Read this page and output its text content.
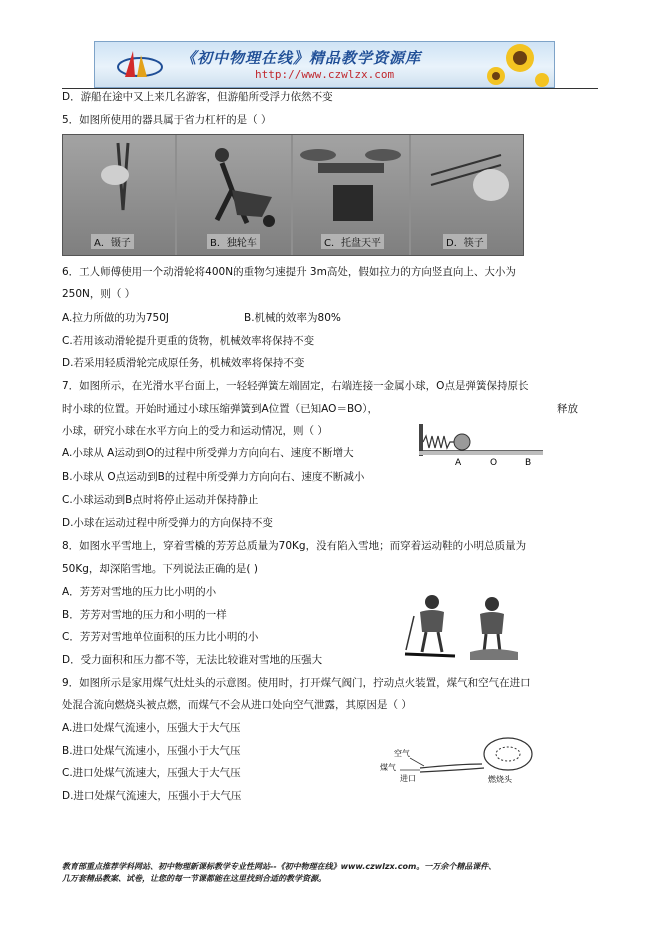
《初中物理在线》精品教学资源库
http://www.czwlzx.com
D．游船在途中又上来几名游客，但游船所受浮力依然不变
5．如图所使用的器具属于省力杠杆的是（ ）
A．镊子	B．独轮车	C．托盘天平	D．筷子
6．工人师傅使用一个动滑轮将400N的重物匀速提升 3m高处，假如拉力的方向竖直向上、大小为
250N，则（ ）
A.拉力所做的功为750J	B.机械的效率为80%
C.若用该动滑轮提升更重的货物，机械效率将保持不变
D.若采用轻质滑轮完成原任务，机械效率将保持不变
7．如图所示，在光滑水平台面上，一轻轻弹簧左端固定，右端连接一金属小球，O点是弹簧保持原长
时小球的位置。开始时通过小球压缩弹簧到A位置（已知AO＝BO），	释放
小球，研究小球在水平方向上的受力和运动情况，则（ ）
A	O	B
A.小球从 A运动到O的过程中所受弹力方向向右、速度不断增大
B.小球从 O点运动到B的过程中所受弹力方向向右、速度不断减小
C.小球运动到B点时将停止运动并保持静止
D.小球在运动过程中所受弹力的方向保持不变
8．如图水平雪地上，穿着雪橇的芳芳总质量为70Kg，没有陷入雪地；而穿着运动鞋的小明总质量为
50Kg，却深陷雪地。下列说法正确的是( )
A．芳芳对雪地的压力比小明的小
B．芳芳对雪地的压力和小明的一样
C．芳芳对雪地单位面积的压力比小明的小
D．受力面积和压力都不等，无法比较谁对雪地的压强大
9．如图所示是家用煤气灶灶头的示意图。使用时，打开煤气阀门，拧动点火装置，煤气和空气在进口
处混合流向燃烧头被点燃，而煤气不会从进口处向空气泄露，其原因是（ ）
A.进口处煤气流速小，压强大于大气压
B.进口处煤气流速小，压强小于大气压
C.进口处煤气流速大，压强大于大气压
D.进口处煤气流速大，压强小于大气压
空气
煤气
进口	燃烧头
教育部重点推荐学科网站、初中物理新课标教学专业性网站--《初中物理在线》www.czwlzx.com。一万余个精品课件、
几万套精品教案、试卷，让您的每一节课都能在这里找到合适的教学资源。
